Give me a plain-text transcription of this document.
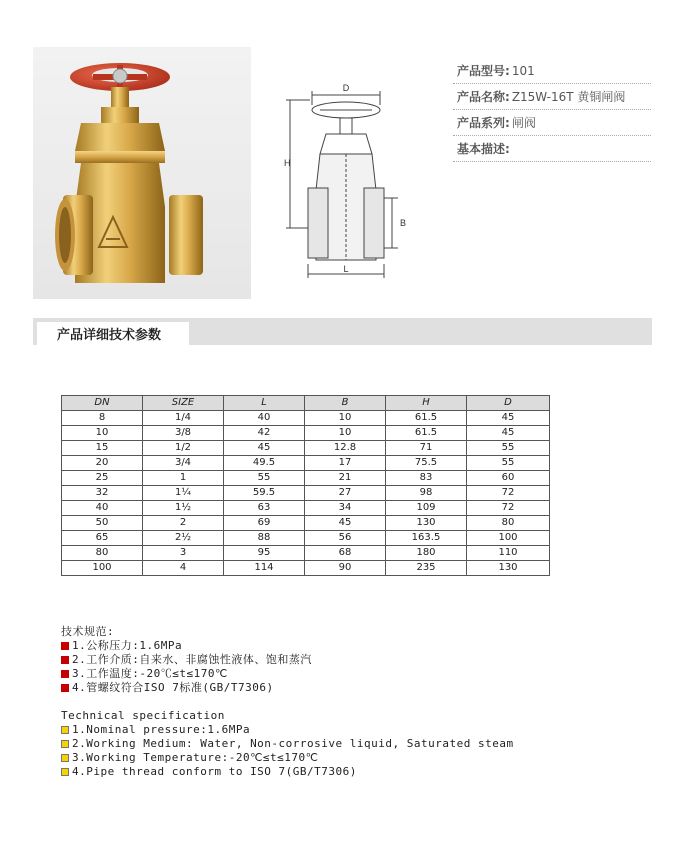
D
H
B
L
产品型号: 101
产品名称: Z15W-16T 黄铜闸阀
产品系列: 闸阀
基本描述:
产品详细技术参数
DN	SIZE	L	B	H	D
8	1/4	40	10	61.5	45
10	3/8	42	10	61.5	45
15	1/2	45	12.8	71	55
20	3/4	49.5	17	75.5	55
25	1	55	21	83	60
32	1¼	59.5	27	98	72
40	1½	63	34	109	72
50	2	69	45	130	80
65	2½	88	56	163.5	100
80	3	95	68	180	110
100	4	114	90	235	130
技术规范:
1.公称压力:1.6MPa
2.工作介质:自来水、非腐蚀性液体、饱和蒸汽
3.工作温度:-20℃≤t≤170℃
4.管螺纹符合ISO 7标准(GB/T7306)
Technical specification
1.Nominal pressure:1.6MPa
2.Working Medium: Water, Non-corrosive liquid, Saturated steam
3.Working Temperature:-20℃≤t≤170℃
4.Pipe thread conform to ISO 7(GB/T7306)
